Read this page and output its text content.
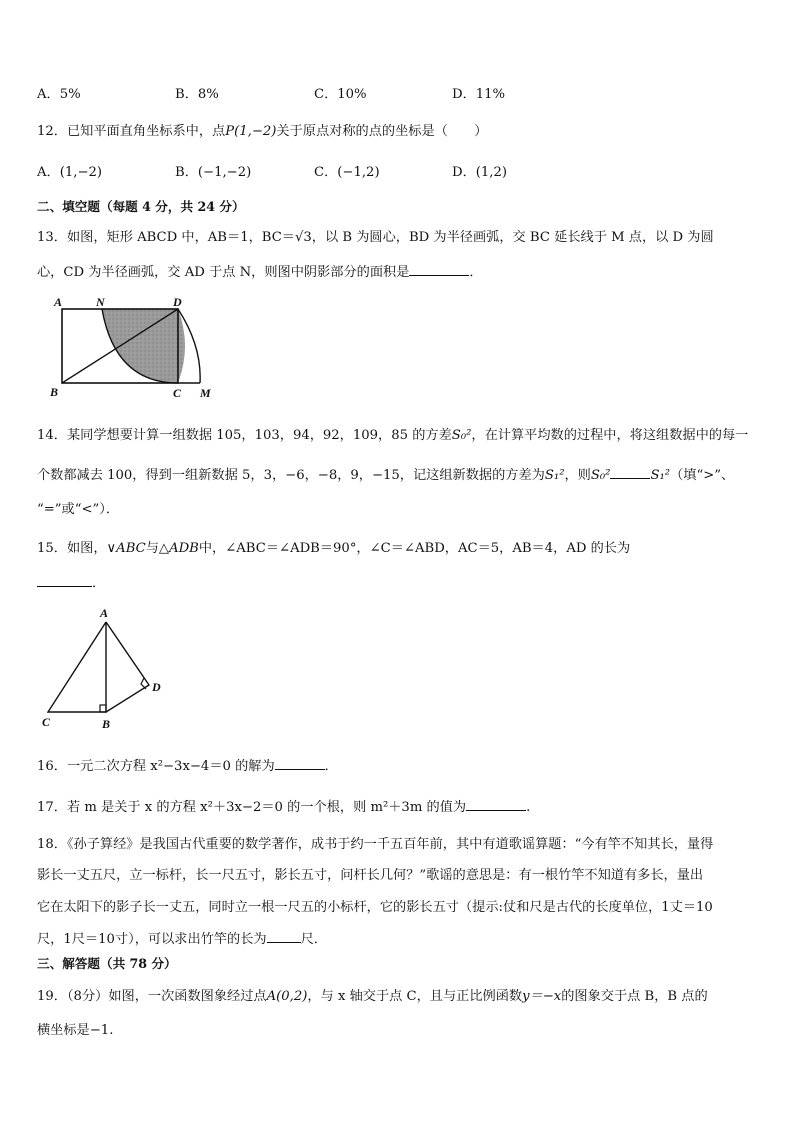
A．5%	B．8%	C．10%	D．11%
12．已知平面直角坐标系中，点P(1,−2)关于原点对称的点的坐标是（　　）
A．(1,−2)	B．(−1,−2)	C．(−1,2)	D．(1,2)
二、填空题（每题 4 分，共 24 分）
13．如图，矩形 ABCD 中，AB＝1，BC＝√3，以 B 为圆心，BD 为半径画弧，交 BC 延长线于 M 点，以 D 为圆
心，CD 为半径画弧，交 AD 于点 N，则图中阴影部分的面积是	．
A	N	D
B	C M
14．某同学想要计算一组数据 105，103，94，92，109，85 的方差S₀²，在计算平均数的过程中，将这组数据中的每一
个数都减去 100，得到一组新数据 5，3，−6，−8，9，−15，记这组新数据的方差为S₁²，则S₀²	S₁²（填“>”、
“=”或“<”）．
15．如图，∨ABC与△ADB中，∠ABC＝∠ADB＝90°，∠C＝∠ABD，AC＝5，AB＝4，AD 的长为
．
A
C	B
D
16．一元二次方程 x²−3x−4＝0 的解为	．
17．若 m 是关于 x 的方程 x²＋3x−2＝0 的一个根，则 m²＋3m 的值为	.
18．《孙子算经》是我国古代重要的数学著作，成书于约一千五百年前，其中有道歌谣算题：“今有竿不知其长，量得
影长一丈五尺，立一标杆，长一尺五寸，影长五寸，问杆长几何？”歌谣的意思是：有一根竹竿不知道有多长，量出
它在太阳下的影子长一丈五，同时立一根一尺五的小标杆，它的影长五寸（提示:仗和尺是古代的长度单位，1丈＝10
尺，1尺＝10寸），可以求出竹竿的长为	尺．
三、解答题（共 78 分）
19．（8分）如图，一次函数图象经过点A(0,2)，与 x 轴交于点 C，且与正比例函数y＝−x的图象交于点 B，B 点的
横坐标是−1.
